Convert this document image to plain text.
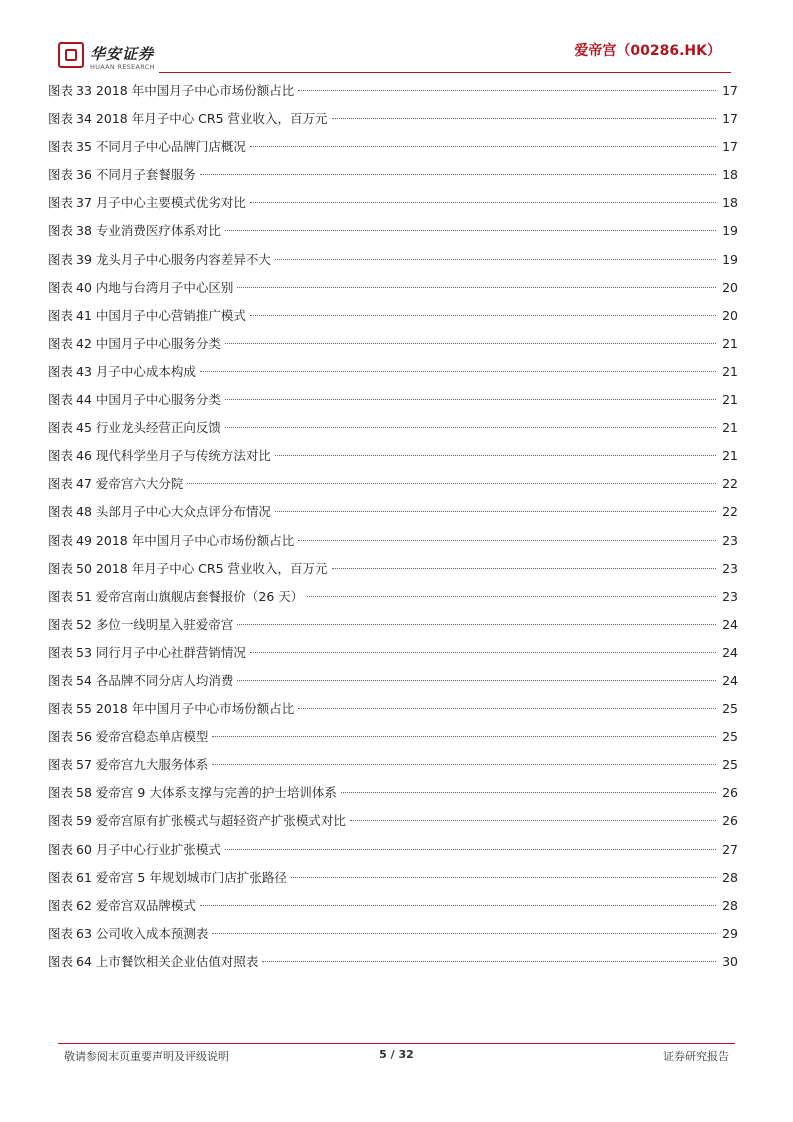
华安证券
HUAAN RESEARCH
爱帝宫（00286.HK）
图表 33 2018 年中国月子中心市场份额占比	17
图表 34 2018 年月子中心 CR5 营业收入，百万元	17
图表 35 不同月子中心品牌门店概况	17
图表 36 不同月子套餐服务	18
图表 37 月子中心主要模式优劣对比	18
图表 38 专业消费医疗体系对比	19
图表 39 龙头月子中心服务内容差异不大	19
图表 40 内地与台湾月子中心区别	20
图表 41 中国月子中心营销推广模式	20
图表 42 中国月子中心服务分类	21
图表 43 月子中心成本构成	21
图表 44 中国月子中心服务分类	21
图表 45 行业龙头经营正向反馈	21
图表 46 现代科学坐月子与传统方法对比	21
图表 47 爱帝宫六大分院	22
图表 48 头部月子中心大众点评分布情况	22
图表 49 2018 年中国月子中心市场份额占比	23
图表 50 2018 年月子中心 CR5 营业收入，百万元	23
图表 51 爱帝宫南山旗舰店套餐报价（26 天）	23
图表 52 多位一线明星入驻爱帝宫	24
图表 53 同行月子中心社群营销情况	24
图表 54 各品牌不同分店人均消费	24
图表 55 2018 年中国月子中心市场份额占比	25
图表 56 爱帝宫稳态单店模型	25
图表 57 爱帝宫九大服务体系	25
图表 58 爱帝宫 9 大体系支撑与完善的护士培训体系	26
图表 59 爱帝宫原有扩张模式与超轻资产扩张模式对比	26
图表 60 月子中心行业扩张模式	27
图表 61 爱帝宫 5 年规划城市门店扩张路径	28
图表 62 爱帝宫双品牌模式	28
图表 63 公司收入成本预测表	29
图表 64 上市餐饮相关企业估值对照表	30
敬请参阅末页重要声明及评级说明	5 / 32	证券研究报告
